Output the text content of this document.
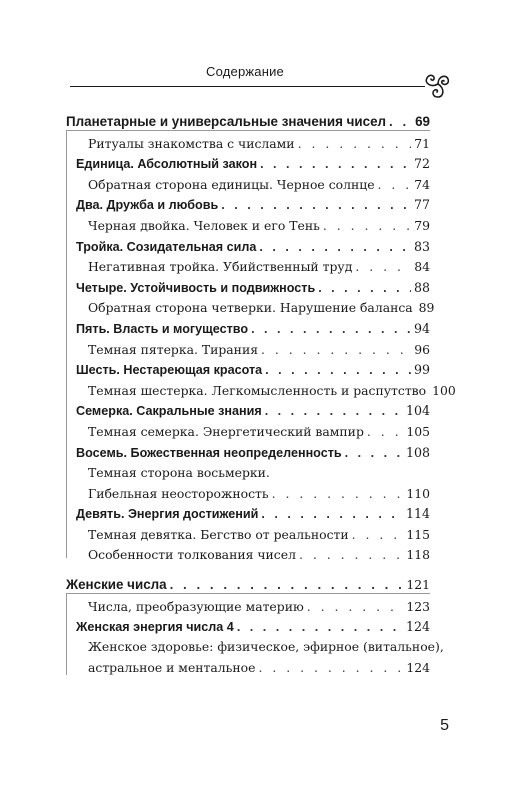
Содержание
Планетарные и универсальные значения чисел . . . 69
Ритуалы знакомства с числами . . .	71
Единица. Абсолютный закон . . .	72
Обратная сторона единицы. Черное солнце . . .	74
Два. Дружба и любовь . . .	77
Черная двойка. Человек и его Тень . . .	79
Тройка. Созидательная сила . . .	83
Негативная тройка. Убийственный труд . . .	84
Четыре. Устойчивость и подвижность . . .	88
Обратная сторона четверки. Нарушение баланса 89
Пять. Власть и могущество . . .	94
Темная пятерка. Тирания . . .	96
Шесть. Нестареющая красота . . .	99
Темная шестерка. Легкомысленность и распутство 100
Семерка. Сакральные знания . . .	104
Темная семерка. Энергетический вампир . . .	105
Восемь. Божественная неопределенность . . .	108
Темная сторона восьмерки.
Гибельная неосторожность . . .	110
Девять. Энергия достижений . . .	114
Темная девятка. Бегство от реальности . . .	115
Особенности толкования чисел . . .	118
Женские числа . . .	121
Числа, преобразующие материю . . .	123
Женская энергия числа 4 . . .	124
Женское здоровье: физическое, эфирное (витальное),
астральное и ментальное . . .	124
5
